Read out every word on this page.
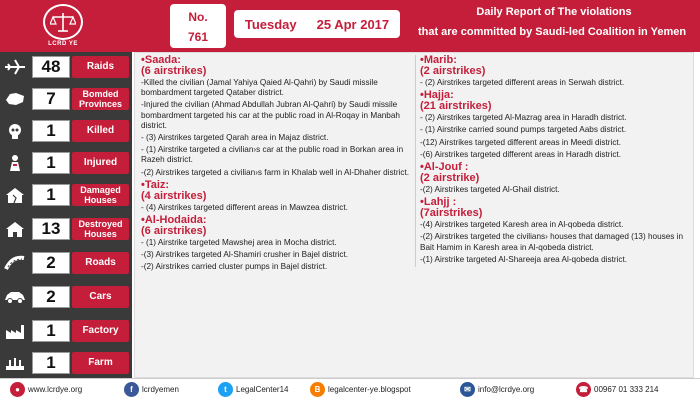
LCRD YE
No.
761
Tuesday 25 Apr 2017
Daily Report of The violations
that are committed by Saudi-led Coalition in Yemen
48	Raids
7	Bomded Provinces
1	Killed
1	Injured
1	Damaged Houses
13	Destroyed Houses
2	Roads
2	Cars
1	Factory
1	Farm
•Saada:
(6 airstrikes)
-Killed the civilian (Jamal Yahiya Qaied Al-Qahri) by Saudi missile bombardment targeted Qataber district.
-Injured the civilian (Ahmad Abdullah Jubran Al-Qahri) by Saudi missile bombardment targeted his car at the public road in Al-Roqay in Manbah district.
- (3) Airstrikes targeted Qarah area in Majaz district.
- (1) Airstrike targeted a civilian›s car at the public road in Borkan area in Razeh district.
-(2) Airstrikes targeted a civilian›s farm in Khalab well in Al-Dhaher district.
•Taiz:
(4 airstrikes)
- (4) Airstrikes targeted different areas in Mawzea district.
•Al-Hodaida:
(6 airstrikes)
- (1) Airstrike targeted Mawshej area in Mocha district.
-(3) Airstrikes targeted Al-Shamiri crusher in Bajel district.
-(2) Airstrikes carried cluster pumps in Bajel district.
•Marib:
(2 airstrikes)
- (2) Airstrikes targeted different areas in Serwah district.
•Hajja:
(21 airstrikes)
- (2) Airstrikes targeted Al-Mazrag area in Haradh district.
- (1) Airstrike carried sound pumps targeted Aabs district.
-(12) Airstrikes targeted different areas in Meedi district.
-(6) Airstrikes targeted different areas in Haradh district.
•Al-Jouf :
(2 airstrike)
-(2) Airstrikes targeted Al-Ghail district.
•Lahjj :
(7airstrikes)
-(4) Airstrikes targeted Karesh area in Al-qobeda district.
-(2) Airstrikes targeted the civilians› houses that damaged (13) houses in Bait Hamim in Karesh area in Al-qobeda district.
-(1) Airstrike targeted Al-Shareeja area Al-qobeda district.
●	www.lcrdye.org	f	lcrdyemen	t	LegalCenter14	B legalcenter-ye.blogspot	✉ info@lcrdye.org	☎ 00967 01 333 214
